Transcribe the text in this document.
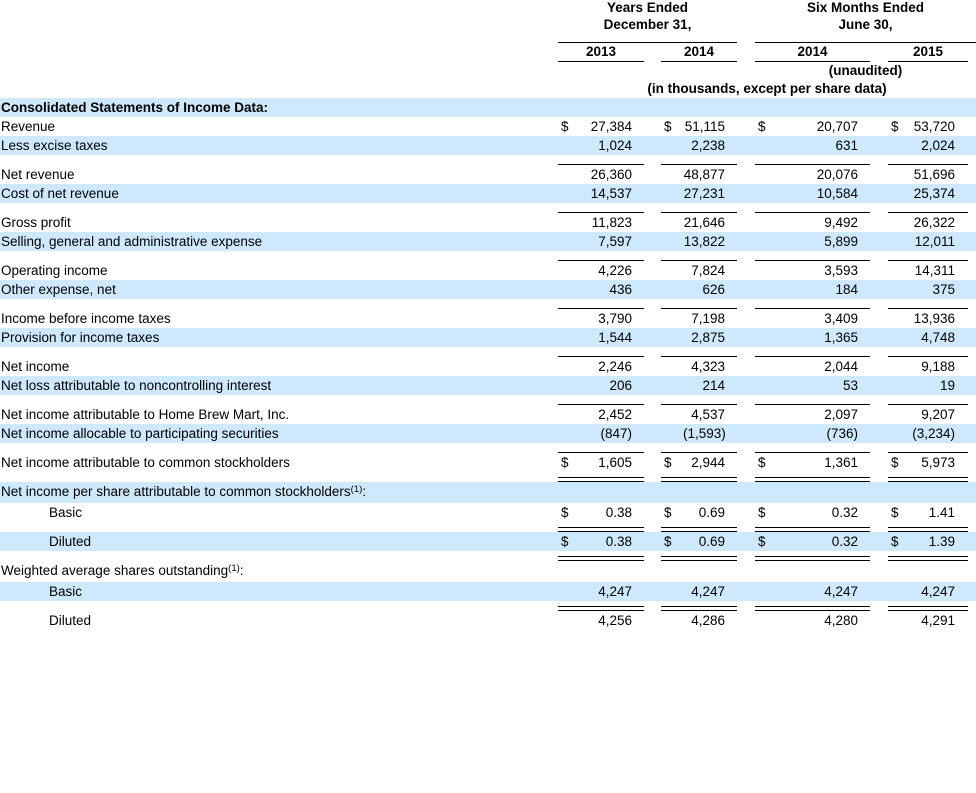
	Years Ended						Six Months Ended					

	December 31,						June 30,					

	2013			2014			2014			2015		
							(unaudited)					
	(in thousands, except per share data)											
Consolidated Statements of Income Data:												
Revenue	$	27,384		$	51,115		$	20,707		$	53,720	
Less excise taxes		1,024			2,238			631			2,024	

Net revenue		26,360			48,877			20,076			51,696	
Cost of net revenue		14,537			27,231			10,584			25,374	

Gross profit		11,823			21,646			9,492			26,322	
Selling, general and administrative expense		7,597			13,822			5,899			12,011	

Operating income		4,226			7,824			3,593			14,311	
Other expense, net		436			626			184			375	

Income before income taxes		3,790			7,198			3,409			13,936	
Provision for income taxes		1,544			2,875			1,365			4,748	

Net income		2,246			4,323			2,044			9,188	
Net loss attributable to noncontrolling interest		206			214			53			19	

Net income attributable to Home Brew Mart, Inc.		2,452			4,537			2,097			9,207	
Net income allocable to participating securities		(847)			(1,593)			(736)			(3,234)	

Net income attributable to common stockholders	$	1,605		$	2,944		$	1,361		$	5,973	

Net income per share attributable to common stockholders$^{(1)}$:												
Basic	$	0.38		$	0.69		$	0.32		$	1.41	

Diluted	$	0.38		$	0.69		$	0.32		$	1.39	

Weighted average shares outstanding$^{(1)}$:												
Basic		4,247			4,247			4,247			4,247	

Diluted		4,256			4,286			4,280			4,291	
